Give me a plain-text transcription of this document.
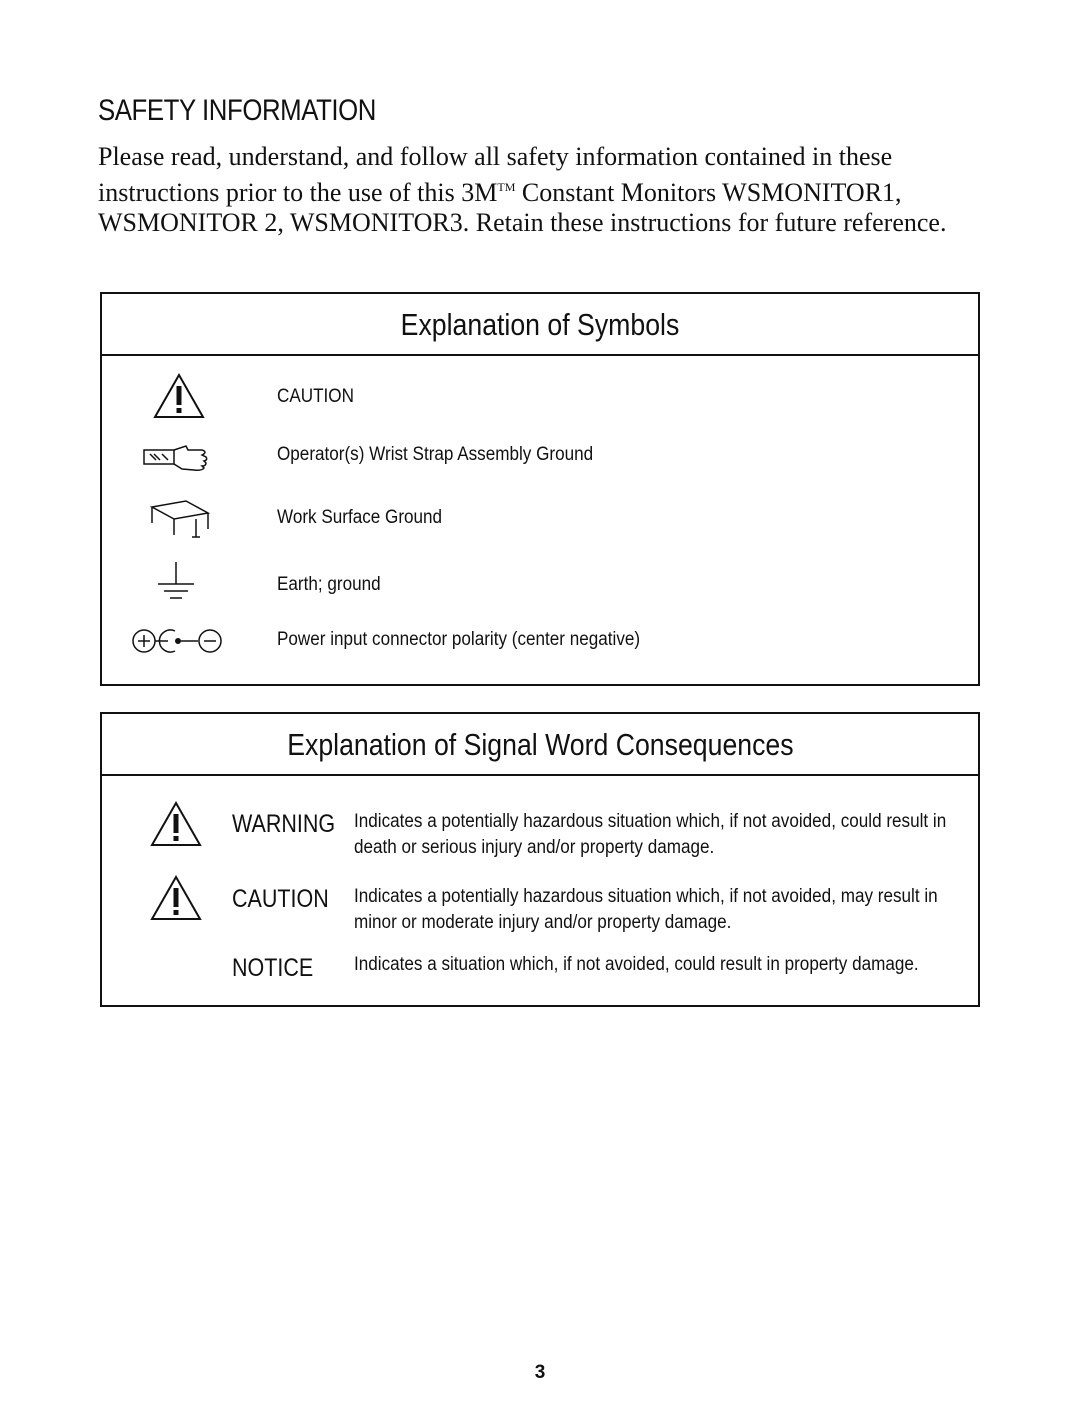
SAFETY INFORMATION

Please read, understand, and follow all safety information contained in these instructions prior to the use of this 3M™ Constant Monitors WSMONITOR1, WSMONITOR 2, WSMONITOR3. Retain these instructions for future reference.

Explanation of Symbols
CAUTION
Operator(s) Wrist Strap Assembly Ground
Work Surface Ground
Earth; ground
Power input connector polarity (center negative)
Explanation of Signal Word Consequences
WARNING Indicates a potentially hazardous situation which, if not avoided, could result in death or serious injury and/or property damage.
CAUTION Indicates a potentially hazardous situation which, if not avoided, may result in minor or moderate injury and/or property damage.
NOTICE Indicates a situation which, if not avoided, could result in property damage.
3
